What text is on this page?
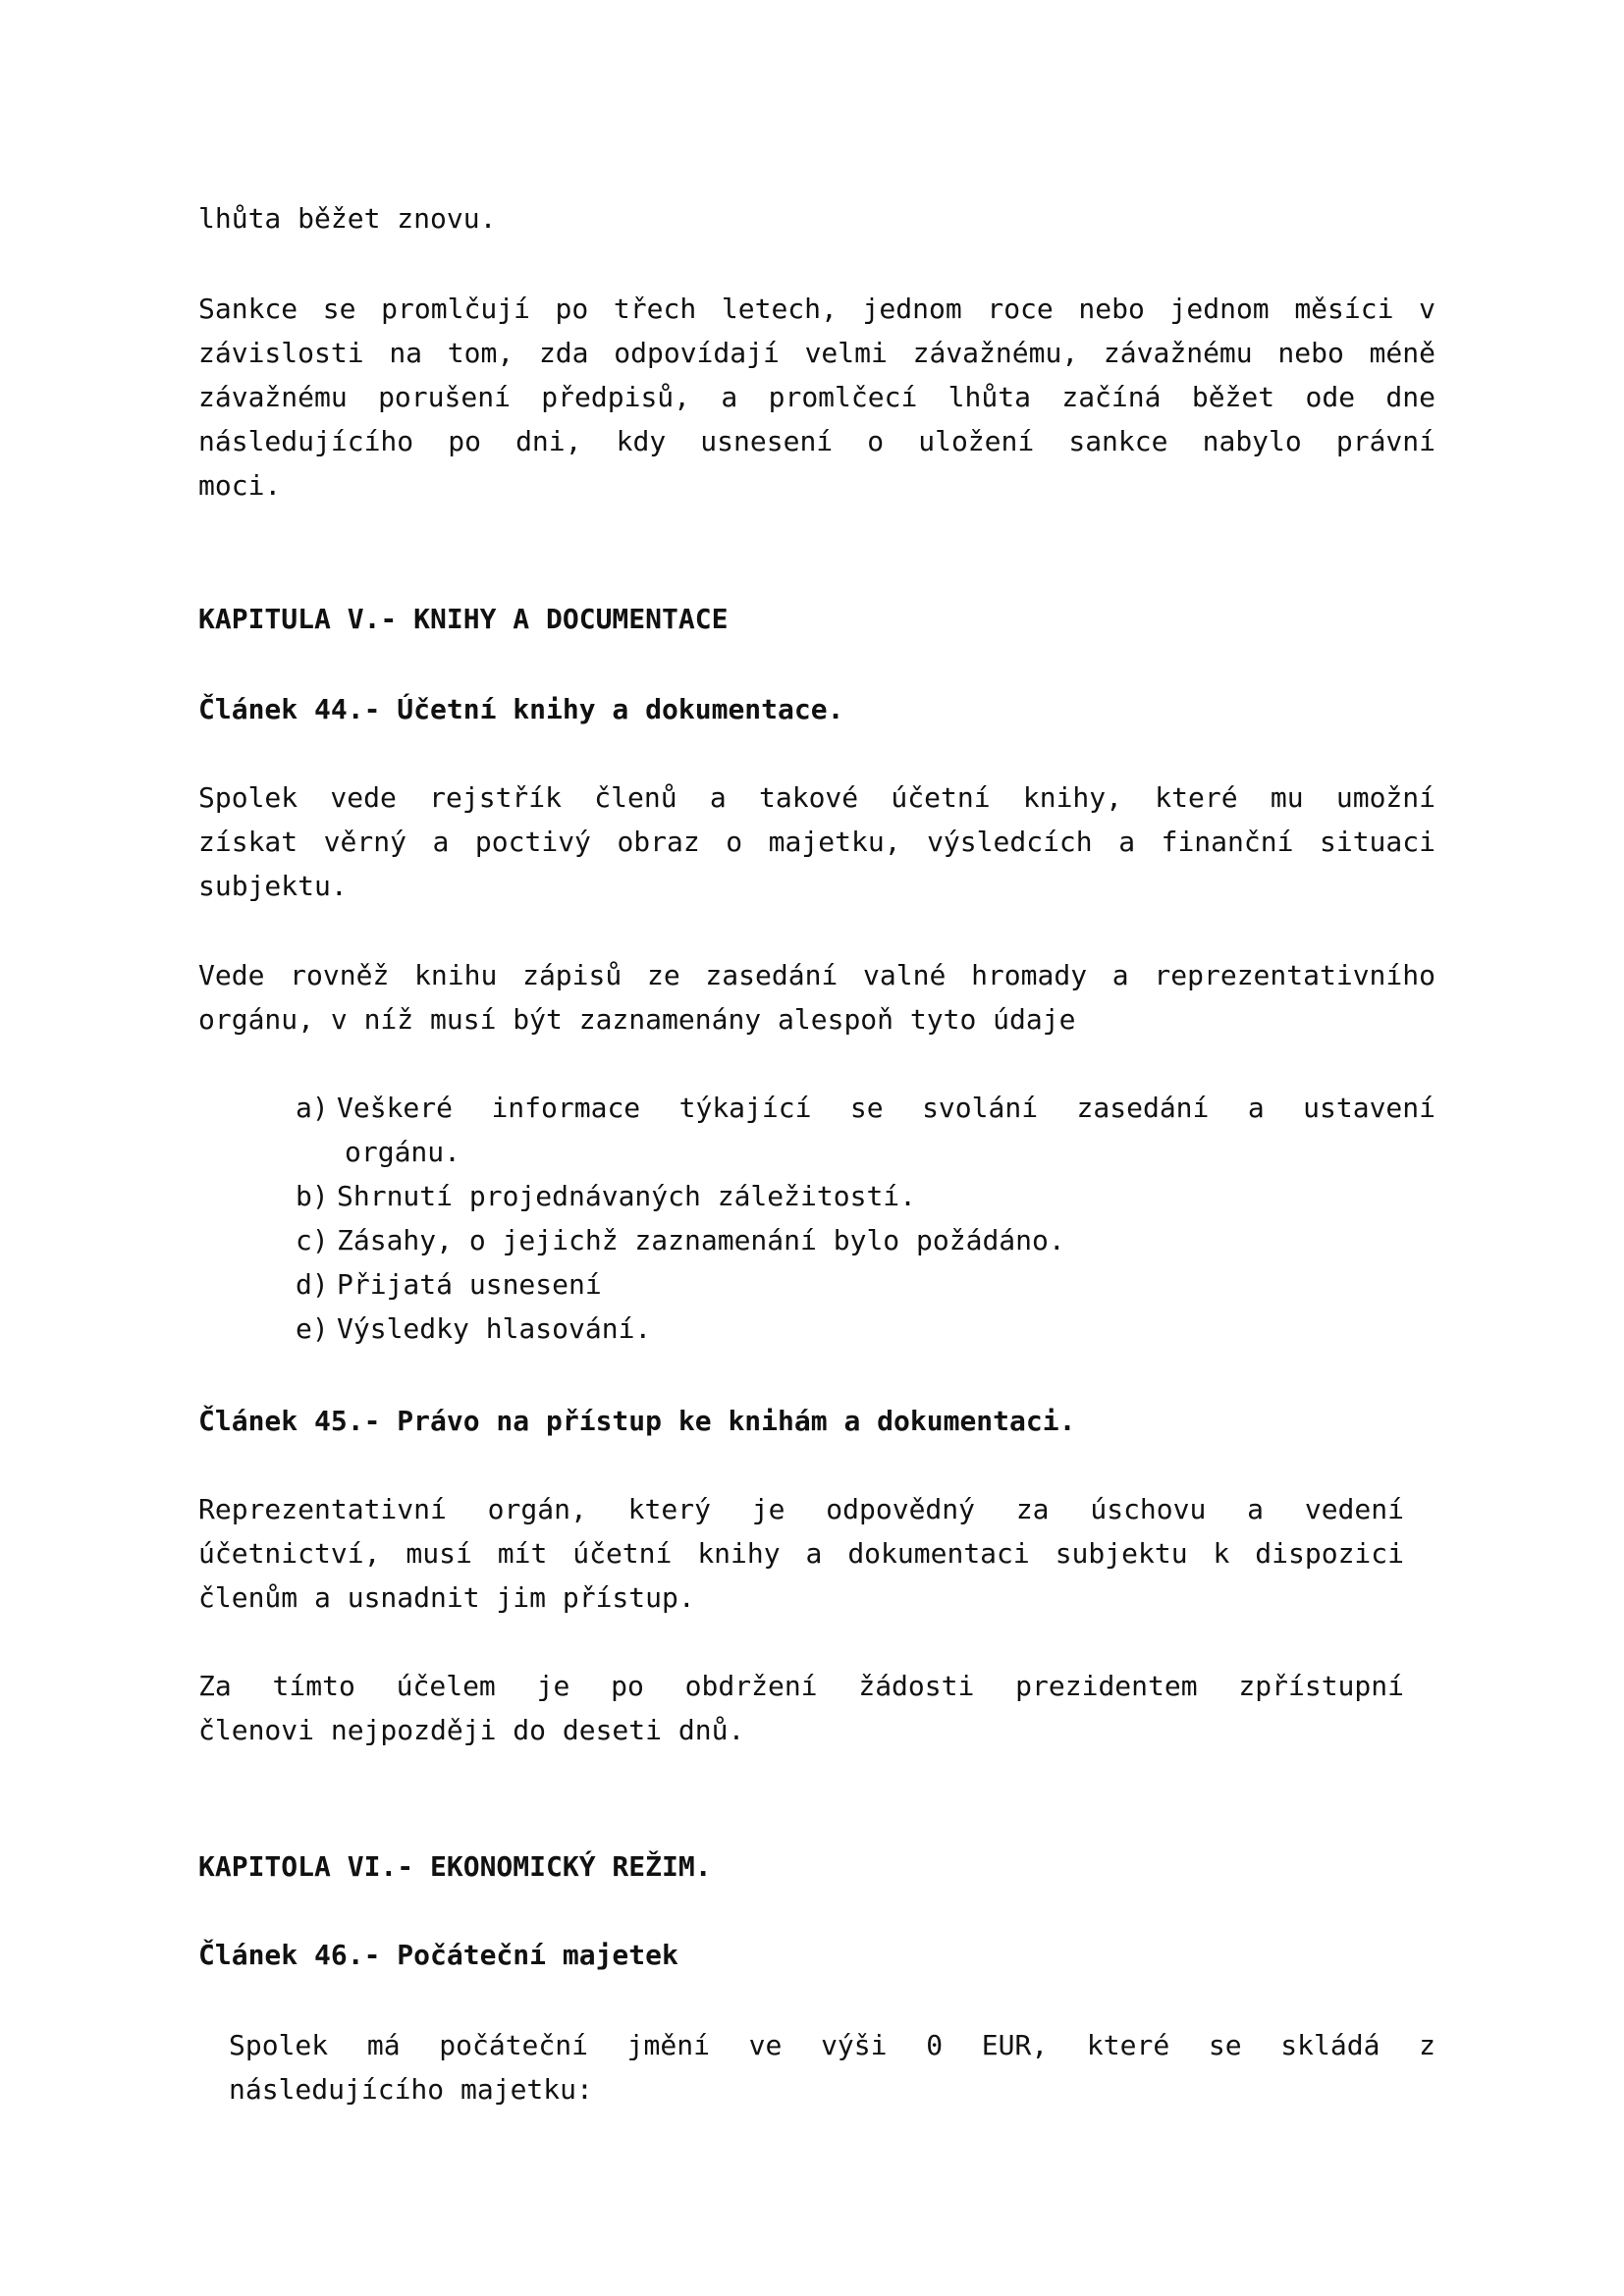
lhůta běžet znovu.

Sankce se promlčují po třech letech, jednom roce nebo jednom měsíci v
závislosti na tom, zda odpovídají velmi závažnému, závažnému nebo méně
závažnému porušení předpisů, a promlčecí lhůta začíná běžet ode dne
následujícího po dni, kdy usnesení o uložení sankce nabylo právní
moci.

KAPITULA V.- KNIHY A DOCUMENTACE

Článek 44.- Účetní knihy a dokumentace.

Spolek vede rejstřík členů a takové účetní knihy, které mu umožní
získat věrný a poctivý obraz o majetku, výsledcích a finanční situaci
subjektu.
Vede rovněž knihu zápisů ze zasedání valné hromady a reprezentativního
orgánu, v níž musí být zaznamenány alespoň tyto údaje
a) Veškeré informace týkající se svolání zasedání a ustavení
orgánu.
b) Shrnutí projednávaných záležitostí.
c) Zásahy, o jejichž zaznamenání bylo požádáno.
d) Přijatá usnesení
e) Výsledky hlasování.

Článek 45.- Právo na přístup ke knihám a dokumentaci.

Reprezentativní orgán, který je odpovědný za úschovu a vedení
účetnictví, musí mít účetní knihy a dokumentaci subjektu k dispozici
členům a usnadnit jim přístup.
Za tímto účelem je po obdržení žádosti prezidentem zpřístupní
členovi nejpozději do deseti dnů.

KAPITOLA VI.- EKONOMICKÝ REŽIM.

Článek 46.- Počáteční majetek

Spolek má počáteční jmění ve výši 0 EUR, které se skládá z
následujícího majetku:
